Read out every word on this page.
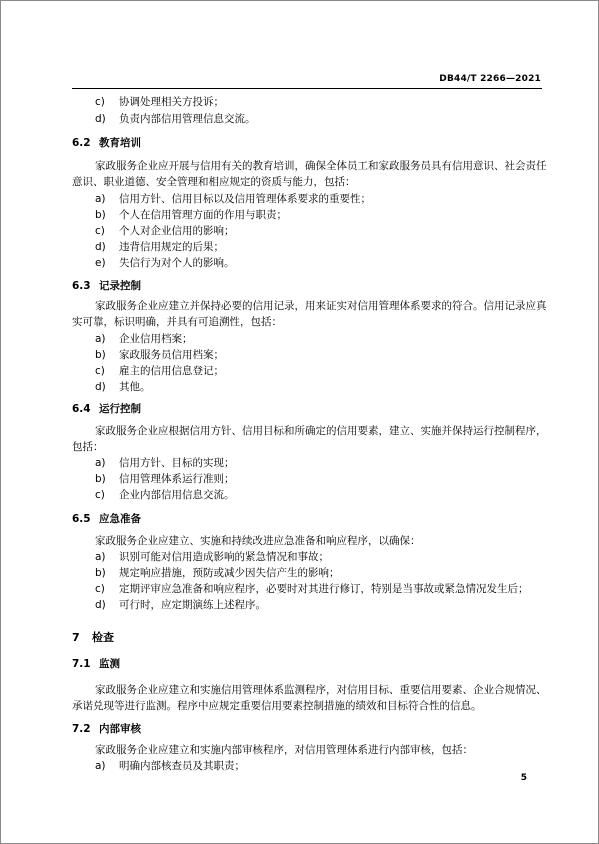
DB44/T 2266—2021
c) 协调处理相关方投诉；
d) 负责内部信用管理信息交流。
6.2 教育培训
家政服务企业应开展与信用有关的教育培训，确保全体员工和家政服务员具有信用意识、社会责任
意识、职业道德、安全管理和相应规定的资质与能力，包括：
a) 信用方针、信用目标以及信用管理体系要求的重要性；
b) 个人在信用管理方面的作用与职责；
c) 个人对企业信用的影响；
d) 违背信用规定的后果；
e) 失信行为对个人的影响。
6.3 记录控制
家政服务企业应建立并保持必要的信用记录，用来证实对信用管理体系要求的符合。信用记录应真
实可靠，标识明确，并具有可追溯性，包括：
a) 企业信用档案；
b) 家政服务员信用档案；
c) 雇主的信用信息登记；
d) 其他。
6.4 运行控制
家政服务企业应根据信用方针、信用目标和所确定的信用要素，建立、实施并保持运行控制程序，
包括：
a) 信用方针、目标的实现；
b) 信用管理体系运行准则；
c) 企业内部信用信息交流。
6.5 应急准备
家政服务企业应建立、实施和持续改进应急准备和响应程序，以确保：
a) 识别可能对信用造成影响的紧急情况和事故；
b) 规定响应措施，预防或减少因失信产生的影响；
c) 定期评审应急准备和响应程序，必要时对其进行修订，特别是当事故或紧急情况发生后；
d) 可行时，应定期演练上述程序。
7 检查
7.1 监测
家政服务企业应建立和实施信用管理体系监测程序，对信用目标、重要信用要素、企业合规情况、
承诺兑现等进行监测。程序中应规定重要信用要素控制措施的绩效和目标符合性的信息。
7.2 内部审核
家政服务企业应建立和实施内部审核程序，对信用管理体系进行内部审核，包括：
a) 明确内部核查员及其职责；
5
